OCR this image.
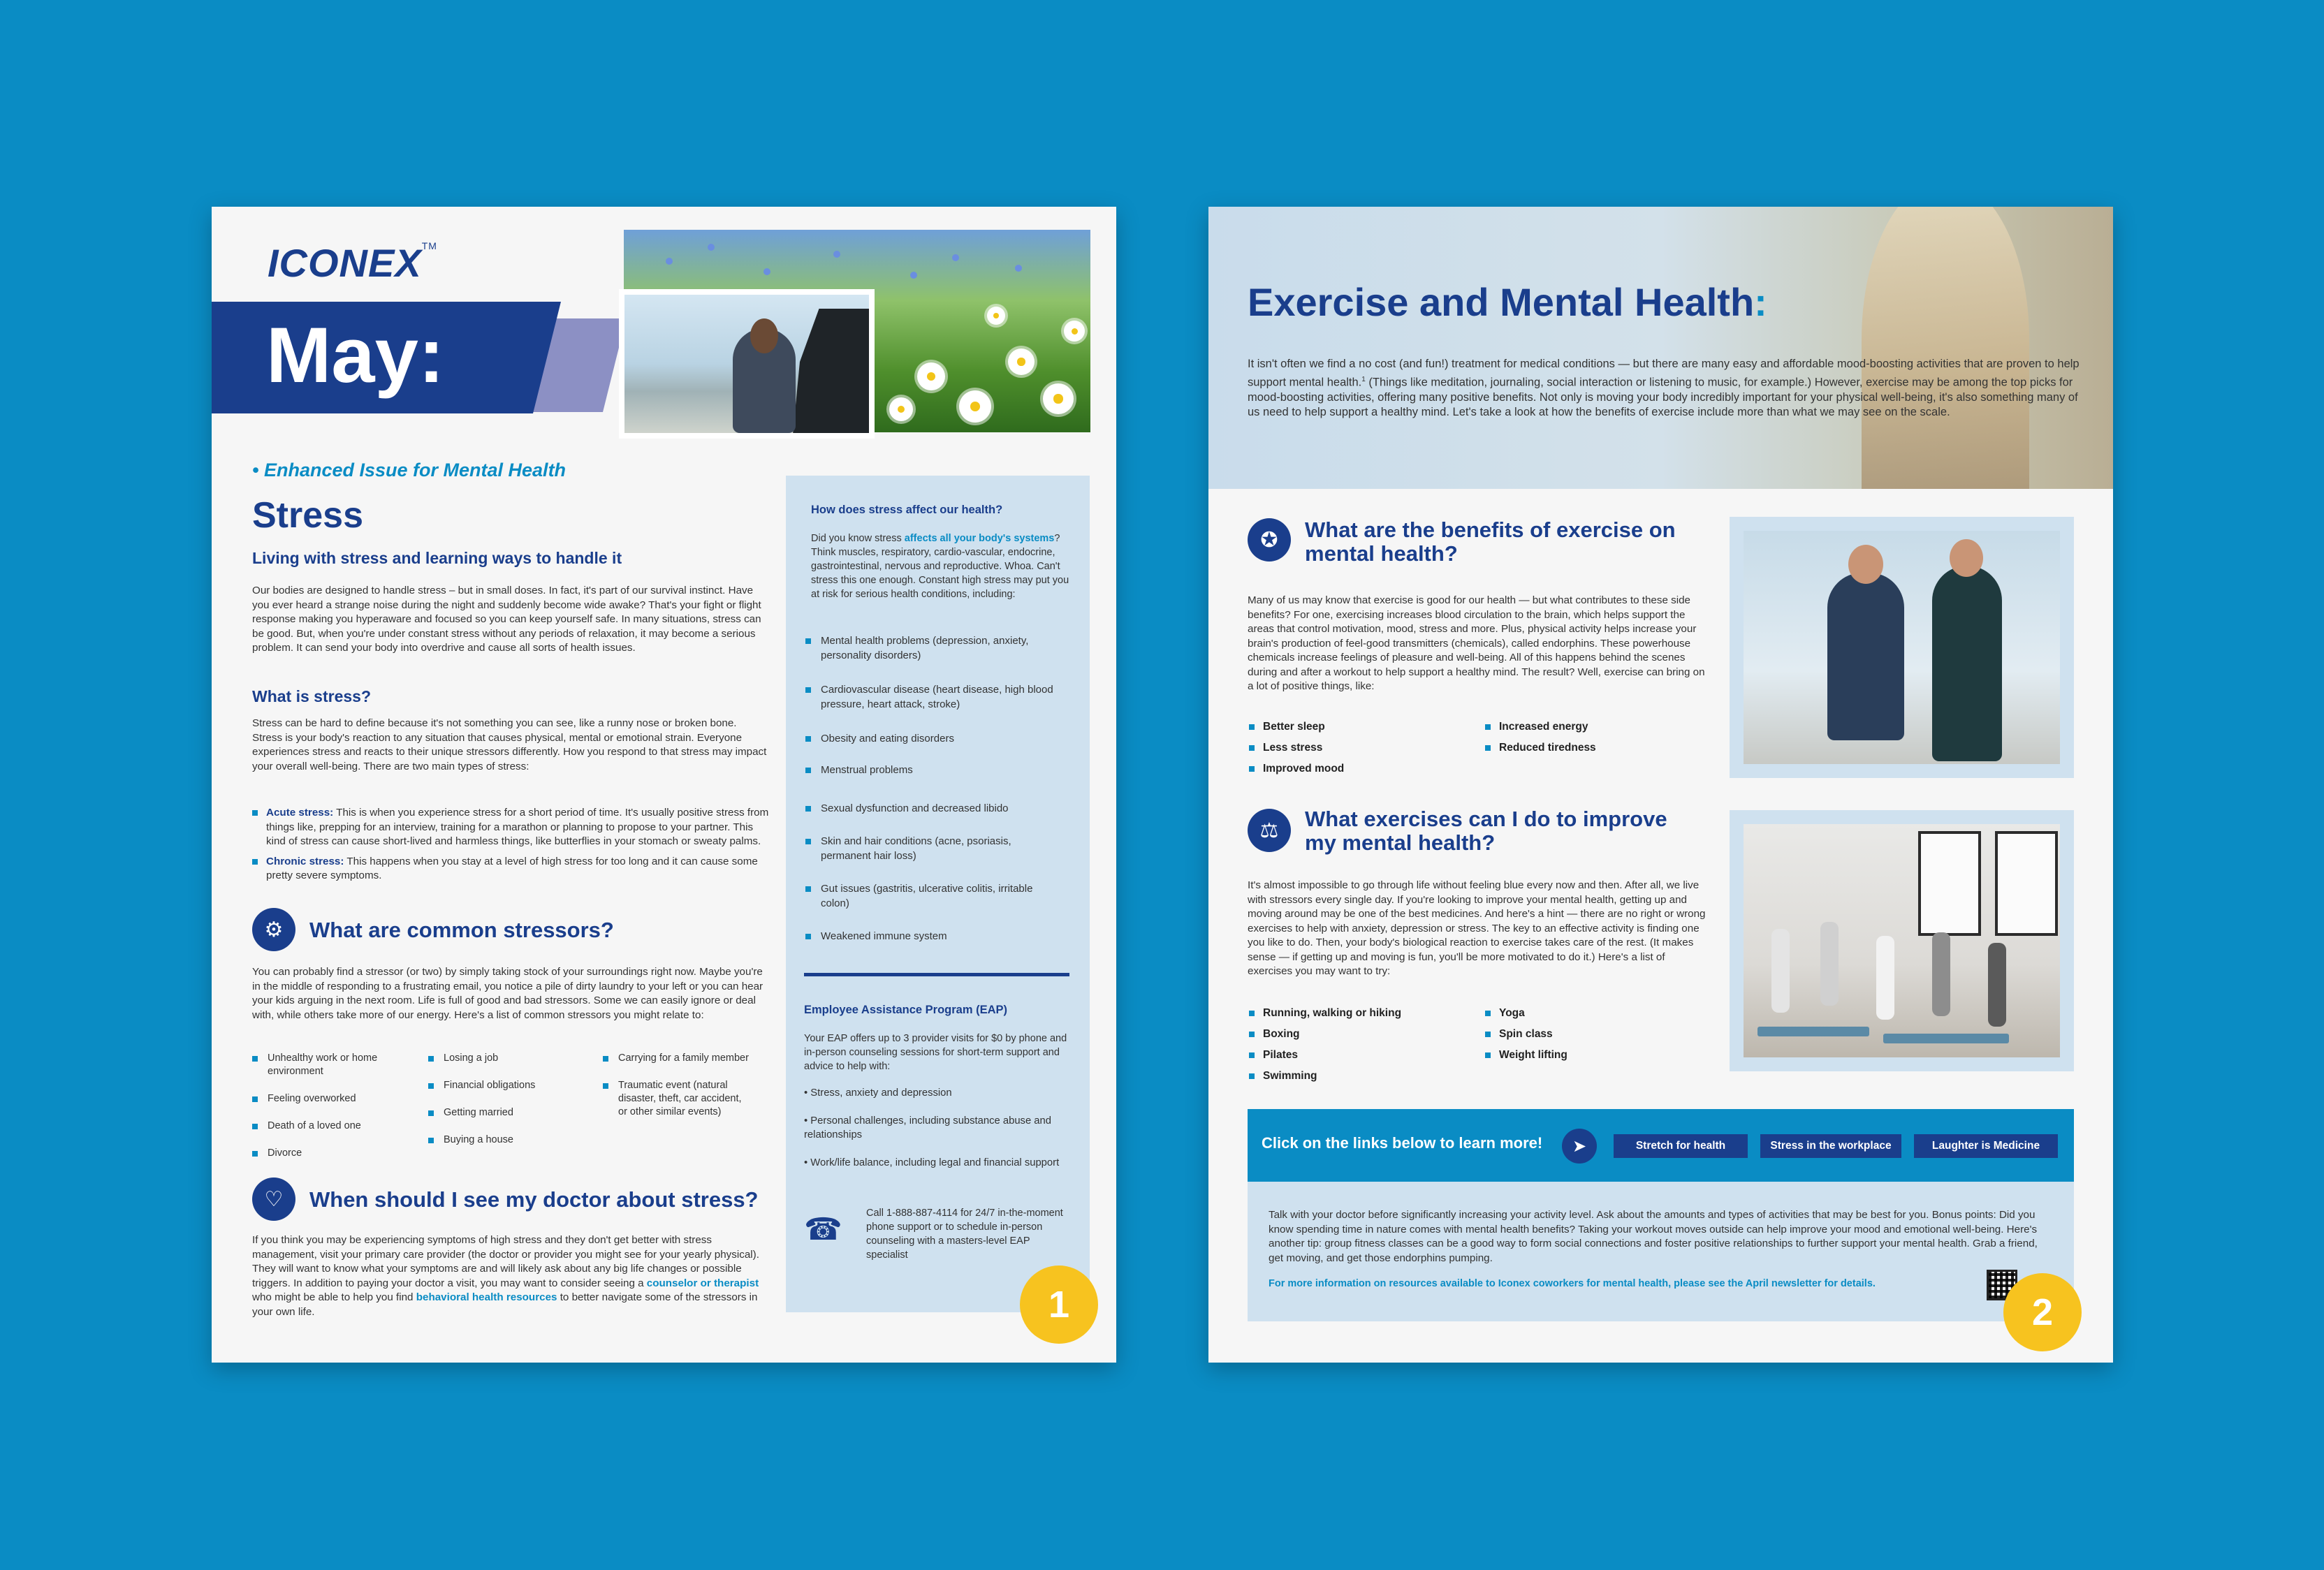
ICONEX™
May:
• Enhanced Issue for Mental Health
Stress
Living with stress and learning ways to handle it

Our bodies are designed to handle stress – but in small doses. In fact, it's part of our survival instinct. Have you ever heard a strange noise during the night and suddenly become wide awake? That's your fight or flight response making you hyperaware and focused so you can keep yourself safe. In many situations, stress can be good. But, when you're under constant stress without any periods of relaxation, it may become a serious problem. It can send your body into overdrive and cause all sorts of health issues.

What is stress?

Stress can be hard to define because it's not something you can see, like a runny nose or broken bone. Stress is your body's reaction to any situation that causes physical, mental or emotional strain. Everyone experiences stress and reacts to their unique stressors differently. How you respond to that stress may impact your overall well-being. There are two main types of stress:

Acute stress: This is when you experience stress for a short period of time. It's usually positive stress from things like, prepping for an interview, training for a marathon or planning to propose to your partner. This kind of stress can cause short-lived and harmless things, like butterflies in your stomach or sweaty palms.
Chronic stress: This happens when you stay at a level of high stress for too long and it can cause some pretty severe symptoms.
⚙	What are common stressors?

You can probably find a stressor (or two) by simply taking stock of your surroundings right now. Maybe you're in the middle of responding to a frustrating email, you notice a pile of dirty laundry to your left or you can hear your kids arguing in the next room. Life is full of good and bad stressors. Some we can easily ignore or deal with, while others take more of our energy. Here's a list of common stressors you might relate to:

Unhealthy work or home environment
Feeling overworked
Death of a loved one
Divorce
Losing a job
Financial obligations
Getting married
Buying a house
Carrying for a family member
Traumatic event (natural disaster, theft, car accident, or other similar events)
♡	When should I see my doctor about stress?

If you think you may be experiencing symptoms of high stress and they don't get better with stress management, visit your primary care provider (the doctor or provider you might see for your yearly physical). They will want to know what your symptoms are and will likely ask about any big life changes or possible triggers. In addition to paying your doctor a visit, you may want to consider seeing a counselor or therapist who might be able to help you find behavioral health resources to better navigate some of the stressors in your own life.

How does stress affect our health?

Did you know stress affects all your body's systems? Think muscles, respiratory, cardio-vascular, endocrine, gastrointestinal, nervous and reproductive. Whoa. Can't stress this one enough. Constant high stress may put you at risk for serious health conditions, including:

Mental health problems (depression, anxiety, personality disorders)
Cardiovascular disease (heart disease, high blood pressure, heart attack, stroke)
Obesity and eating disorders
Menstrual problems
Sexual dysfunction and decreased libido
Skin and hair conditions (acne, psoriasis, permanent hair loss)
Gut issues (gastritis, ulcerative colitis, irritable colon)
Weakened immune system
Employee Assistance Program (EAP)

Your EAP offers up to 3 provider visits for $0 by phone and in-person counseling sessions for short-term support and advice to help with:

• Stress, anxiety and depression
• Personal challenges, including substance abuse and relationships
• Work/life balance, including legal and financial support
☎ Call 1-888-887-4114 for 24/7 in-the-moment phone support or to schedule in-person counseling with a masters-level EAP specialist

1
Exercise and Mental Health:

It isn't often we find a no cost (and fun!) treatment for medical conditions — but there are many easy and affordable mood-boosting activities that are proven to help support mental health.$^1$ (Things like meditation, journaling, social interaction or listening to music, for example.) However, exercise may be among the top picks for mood-boosting activities, offering many positive benefits. Not only is moving your body incredibly important for your physical well-being, it's also something many of us need to help support a healthy mind. Let's take a look at how the benefits of exercise include more than what we may see on the scale.

✪	What are the benefits of exercise on mental health?

Many of us may know that exercise is good for our health — but what contributes to these side benefits? For one, exercising increases blood circulation to the brain, which helps support the areas that control motivation, mood, stress and more. Plus, physical activity helps increase your brain's production of feel-good transmitters (chemicals), called endorphins. These powerhouse chemicals increase feelings of pleasure and well-being. All of this happens behind the scenes during and after a workout to help support a healthy mind. The result? Well, exercise can bring on a lot of positive things, like:

Better sleep
Less stress
Improved mood
Increased energy
Reduced tiredness
⚖	What exercises can I do to improve my mental health?

It's almost impossible to go through life without feeling blue every now and then. After all, we live with stressors every single day. If you're looking to improve your mental health, getting up and moving around may be one of the best medicines. And here's a hint — there are no right or wrong exercises to help with anxiety, depression or stress. The key to an effective activity is finding one you like to do. Then, your body's biological reaction to exercise takes care of the rest. (It makes sense — if getting up and moving is fun, you'll be more motivated to do it.) Here's a list of exercises you may want to try:

Running, walking or hiking
Boxing
Pilates
Swimming
Yoga
Spin class
Weight lifting
Click on the links below to learn more!	➤	Stretch for health	Stress in the workplace	Laughter is Medicine

Talk with your doctor before significantly increasing your activity level. Ask about the amounts and types of activities that may be best for you. Bonus points: Did you know spending time in nature comes with mental health benefits? Taking your workout moves outside can help improve your mood and emotional well-being. Here's another tip: group fitness classes can be a good way to form social connections and foster positive relationships to further support your mental health. Grab a friend, get moving, and get those endorphins pumping.

For more information on resources available to Iconex coworkers for mental health, please see the April newsletter for details.

2
